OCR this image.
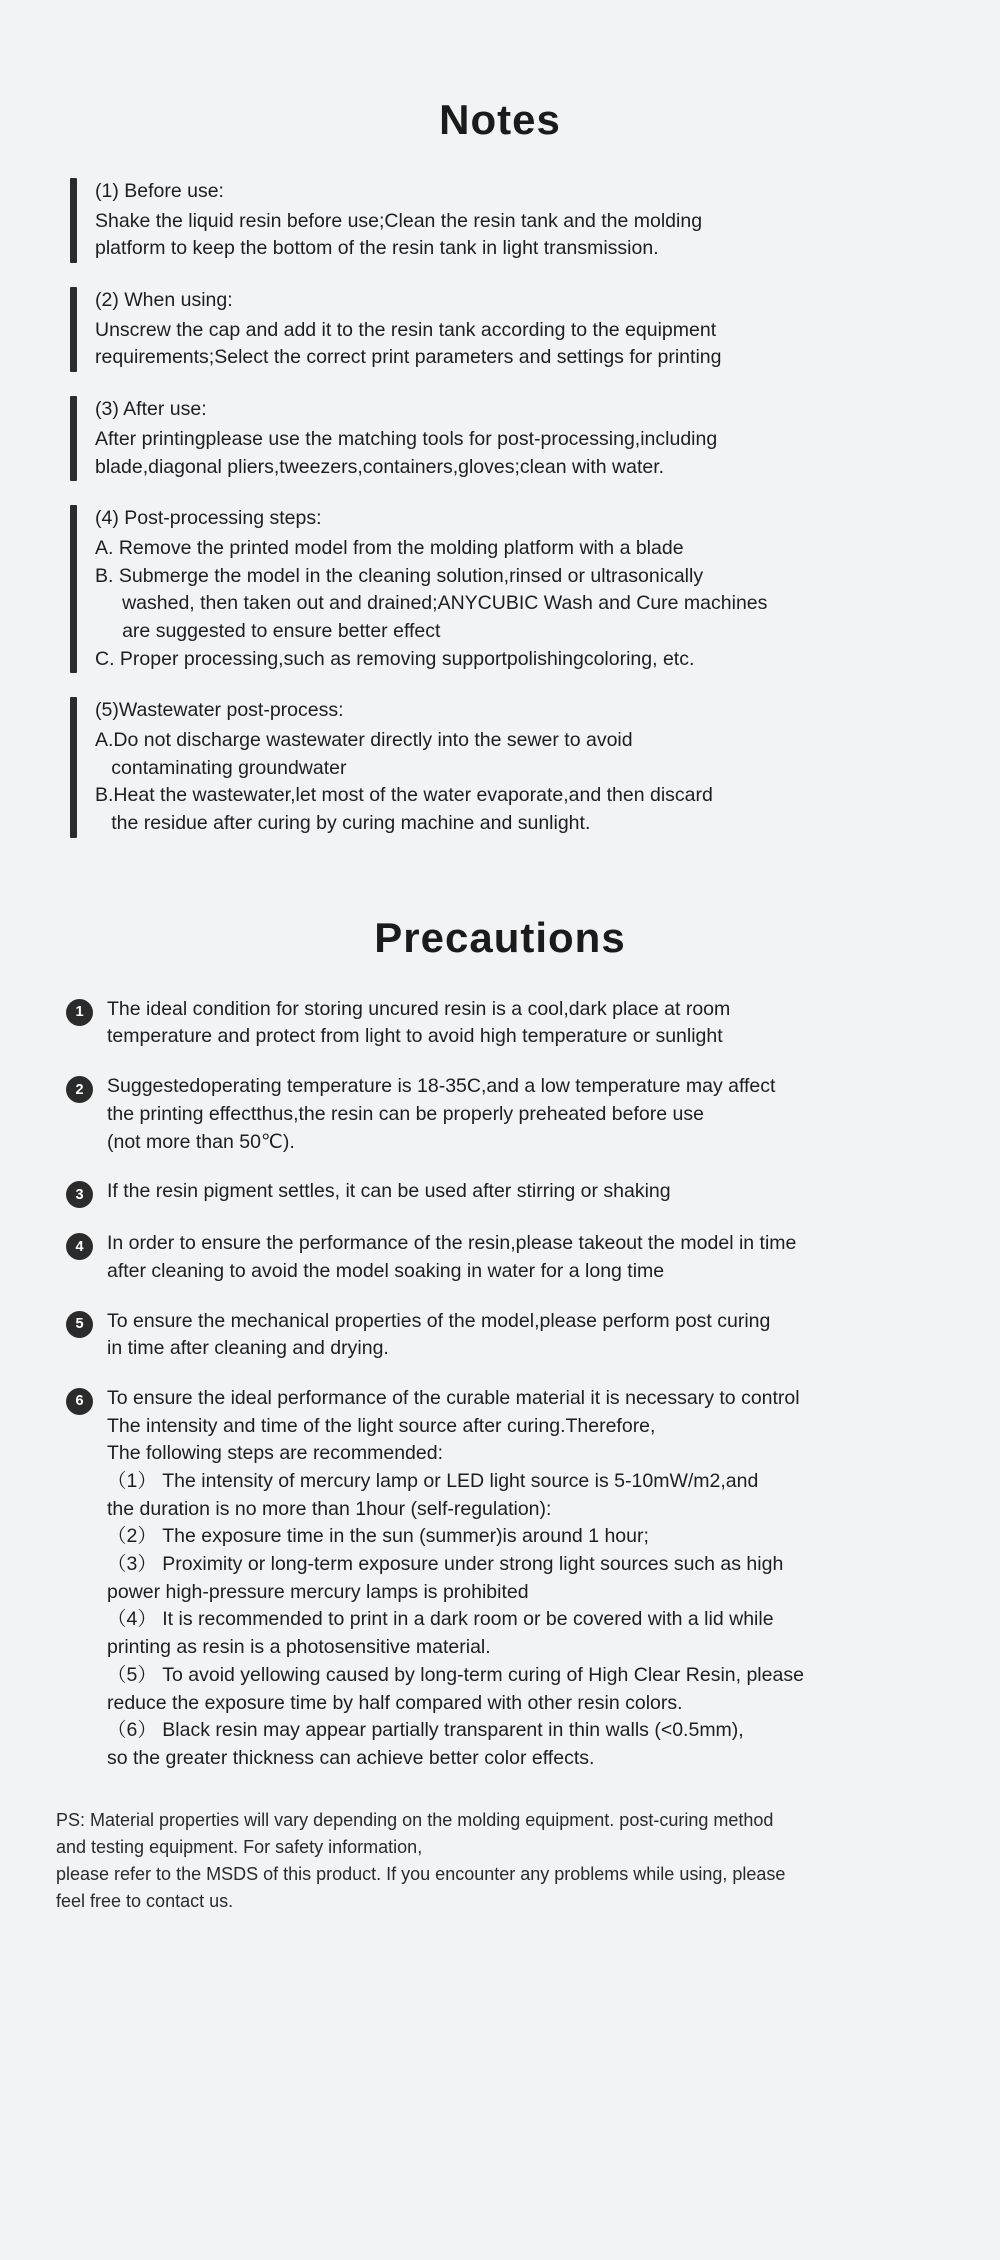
Notes
(1) Before use:
Shake the liquid resin before use;Clean the resin tank and the molding
platform to keep the bottom of the resin tank in light transmission.
(2) When using:
Unscrew the cap and add it to the resin tank according to the equipment
requirements;Select the correct print parameters and settings for printing
(3) After use:
After printingplease use the matching tools for post-processing,including
blade,diagonal pliers,tweezers,containers,gloves;clean with water.
(4) Post-processing steps:
A. Remove the printed model from the molding platform with a blade
B. Submerge the model in the cleaning solution,rinsed or ultrasonically
washed, then taken out and drained;ANYCUBIC Wash and Cure machines
are suggested to ensure better effect
C. Proper processing,such as removing supportpolishingcoloring, etc.
(5)Wastewater post-process:
A.Do not discharge wastewater directly into the sewer to avoid
contaminating groundwater
B.Heat the wastewater,let most of the water evaporate,and then discard
the residue after curing by curing machine and sunlight.
Precautions
1	The ideal condition for storing uncured resin is a cool,dark place at room
temperature and protect from light to avoid high temperature or sunlight
2	Suggestedoperating temperature is 18-35C,and a low temperature may affect
the printing effectthus,the resin can be properly preheated before use
(not more than 50℃).
3	If the resin pigment settles, it can be used after stirring or shaking
4	In order to ensure the performance of the resin,please takeout the model in time
after cleaning to avoid the model soaking in water for a long time
5	To ensure the mechanical properties of the model,please perform post curing
in time after cleaning and drying.
6	To ensure the ideal performance of the curable material it is necessary to control
The intensity and time of the light source after curing.Therefore,
The following steps are recommended:
（1） The intensity of mercury lamp or LED light source is 5-10mW/m2,and
the duration is no more than 1hour (self-regulation):
（2） The exposure time in the sun (summer)is around 1 hour;
（3） Proximity or long-term exposure under strong light sources such as high
power high-pressure mercury lamps is prohibited
（4） It is recommended to print in a dark room or be covered with a lid while
printing as resin is a photosensitive material.
（5） To avoid yellowing caused by long-term curing of High Clear Resin, please
reduce the exposure time by half compared with other resin colors.
（6） Black resin may appear partially transparent in thin walls (<0.5mm),
so the greater thickness can achieve better color effects.
PS: Material properties will vary depending on the molding equipment. post-curing method
and testing equipment. For safety information,
please refer to the MSDS of this product. If you encounter any problems while using, please
feel free to contact us.
